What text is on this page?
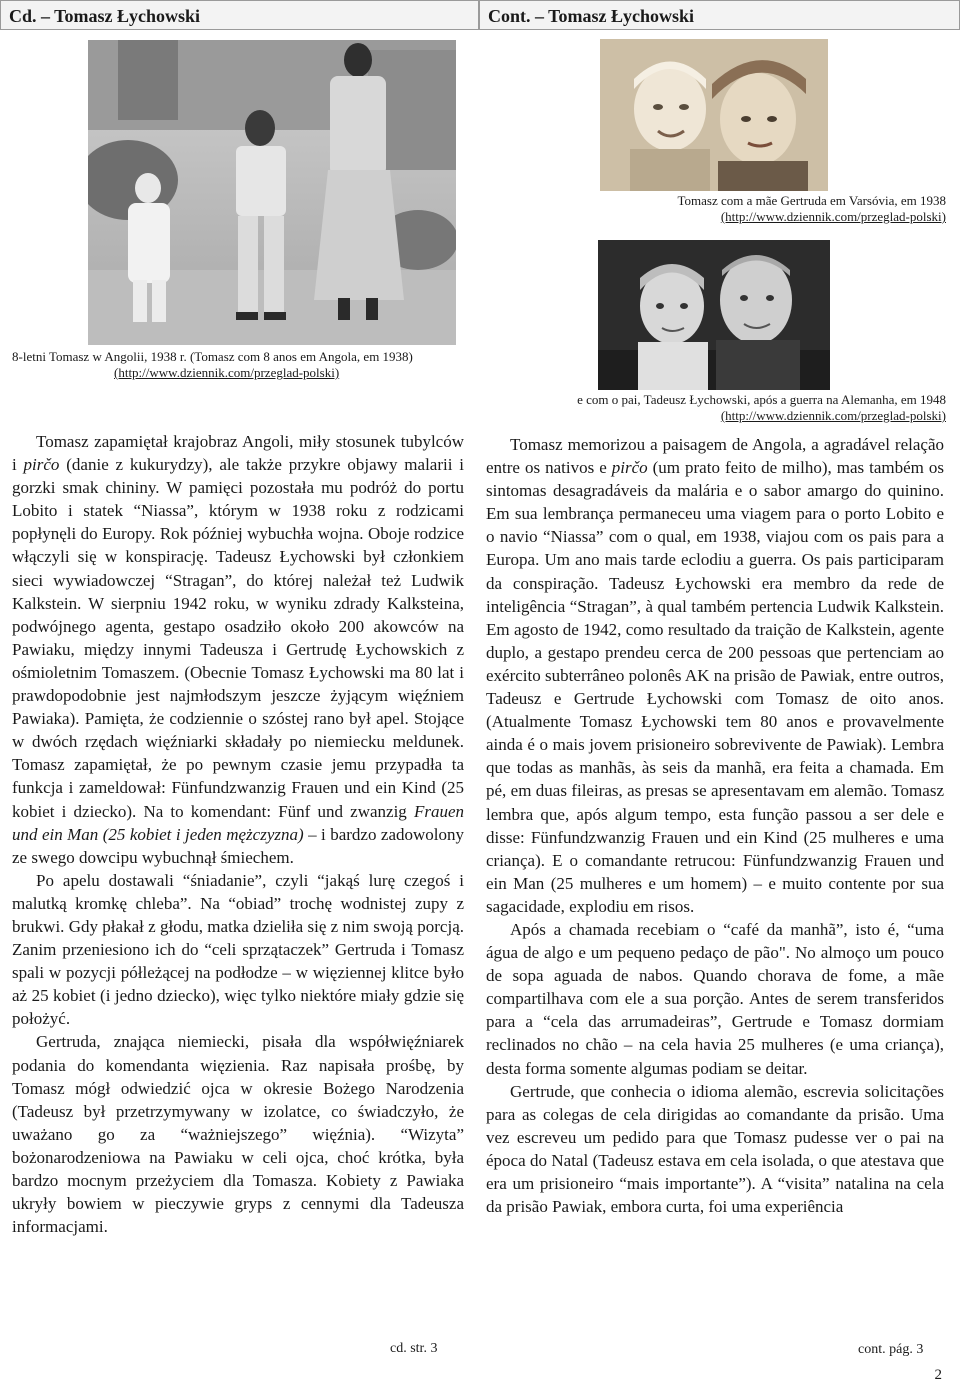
Cd. – Tomasz Łychowski	Cont. – Tomasz Łychowski
8-letni Tomasz w Angolii, 1938 r. (Tomasz com 8 anos em Angola, em 1938)
(http://www.dziennik.com/przeglad-polski)

Tomasz zapamiętał krajobraz Angoli, miły stosunek tubylców i pirčo (danie z kukurydzy), ale także przykre objawy malarii i gorzki smak chininy. W pamięci pozostała mu podróż do portu Lobito i statek “Niassa”, którym w 1938 roku z rodzicami popłynęli do Europy. Rok później wybuchła wojna. Oboje rodzice włączyli się w konspirację. Tadeusz Łychowski był członkiem sieci wywiadowczej “Stragan”, do której należał też Ludwik Kalkstein. W sierpniu 1942 roku, w wyniku zdrady Kalksteina, podwójnego agenta, gestapo osadziło około 200 akowców na Pawiaku, między innymi Tadeusza i Gertrudę Łychowskich z ośmioletnim Tomaszem. (Obecnie Tomasz Łychowski ma 80 lat i prawdopodobnie jest najmłodszym jeszcze żyjącym więźniem Pawiaka). Pamięta, że codziennie o szóstej rano był apel. Stojące w dwóch rzędach więźniarki składały po niemiecku meldunek. Tomasz zapamiętał, że po pewnym czasie jemu przypadła ta funkcja i zameldował: Fünfundzwanzig Frauen und ein Kind (25 kobiet i dziecko). Na to komendant: Fünf und zwanzig Frauen und ein Man (25 kobiet i jeden mężczyzna) – i bardzo zadowolony ze swego dowcipu wybuchnął śmiechem.

Po apelu dostawali “śniadanie”, czyli “jakąś lurę czegoś i malutką kromkę chleba”. Na “obiad” trochę wodnistej zupy z brukwi. Gdy płakał z głodu, matka dzieliła się z nim swoją porcją. Zanim przeniesiono ich do “celi sprzątaczek” Gertruda i Tomasz spali w pozycji półleżącej na podłodze – w więziennej klitce było aż 25 kobiet (i jedno dziecko), więc tylko niektóre miały gdzie się położyć.

Gertruda, znająca niemiecki, pisała dla współwięźniarek podania do komendanta więzienia. Raz napisała prośbę, by Tomasz mógł odwiedzić ojca w okresie Bożego Narodzenia (Tadeusz był przetrzymywany w izolatce, co świadczyło, że uważano go za “ważniejszego” więźnia). “Wizyta” bożonarodzeniowa na Pawiaku w celi ojca, choć krótka, była bardzo mocnym przeżyciem dla Tomasza. Kobiety z Pawiaka ukryły bowiem w pieczywie gryps z cennymi dla Tadeusza informacjami.

cd. str. 3
Tomasz com a mãe Gertruda em Varsóvia, em 1938
(http://www.dziennik.com/przeglad-polski)
e com o pai, Tadeusz Łychowski, após a guerra na Alemanha, em 1948
(http://www.dziennik.com/przeglad-polski)

Tomasz memorizou a paisagem de Angola, a agradável relação entre os nativos e pirčo (um prato feito de milho), mas também os sintomas desagradáveis da malária e o sabor amargo do quinino. Em sua lembrança permaneceu uma viagem para o porto Lobito e o navio “Niassa” com o qual, em 1938, viajou com os pais para a Europa. Um ano mais tarde eclodiu a guerra. Os pais participaram da conspiração. Tadeusz Łychowski era membro da rede de inteligência “Stragan”, à qual também pertencia Ludwik Kalkstein. Em agosto de 1942, como resultado da traição de Kalkstein, agente duplo, a gestapo prendeu cerca de 200 pessoas que pertenciam ao exército subterrâneo polonês AK na prisão de Pawiak, entre outros, Tadeusz e Gertrude Łychowski com Tomasz de oito anos. (Atualmente Tomasz Łychowski tem 80 anos e provavelmente ainda é o mais jovem prisioneiro sobrevivente de Pawiak). Lembra que todas as manhãs, às seis da manhã, era feita a chamada. Em pé, em duas fileiras, as presas se apresentavam em alemão. Tomasz lembra que, após algum tempo, esta função passou a ser dele e disse: Fünfundzwanzig Frauen und ein Kind (25 mulheres e uma criança). E o comandante retrucou: Fünfundzwanzig Frauen und ein Man (25 mulheres e um homem) – e muito contente por sua sagacidade, explodiu em risos.

Após a chamada recebiam o “café da manhã”, isto é, “uma água de algo e um pequeno pedaço de pão". No almoço um pouco de sopa aguada de nabos. Quando chorava de fome, a mãe compartilhava com ele a sua porção. Antes de serem transferidos para a “cela das arrumadeiras”, Gertrude e Tomasz dormiam reclinados no chão – na cela havia 25 mulheres (e uma criança), desta forma somente algumas podiam se deitar.

Gertrude, que conhecia o idioma alemão, escrevia solicitações para as colegas de cela dirigidas ao comandante da prisão. Uma vez escreveu um pedido para que Tomasz pudesse ver o pai na época do Natal (Tadeusz estava em cela isolada, o que atestava que era um prisioneiro “mais importante”). A “visita” natalina na cela da prisão Pawiak, embora curta, foi uma experiência

cont. pág. 3
2
